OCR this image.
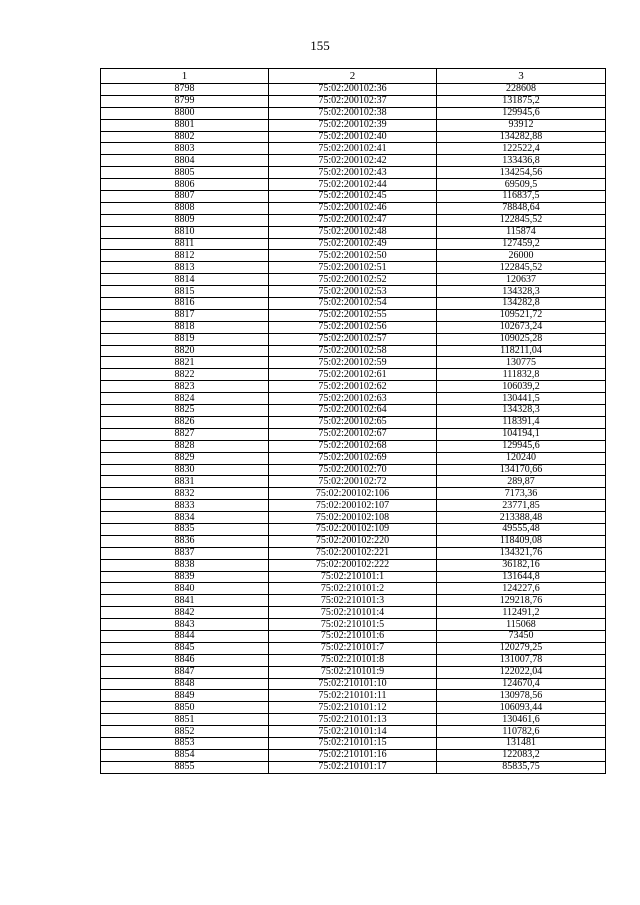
155
1	2	3
8798	75:02:200102:36	228608
8799	75:02:200102:37	131875,2
8800	75:02:200102:38	129945,6
8801	75:02:200102:39	93912
8802	75:02:200102:40	134282,88
8803	75:02:200102:41	122522,4
8804	75:02:200102:42	133436,8
8805	75:02:200102:43	134254,56
8806	75:02:200102:44	69509,5
8807	75:02:200102:45	116837,5
8808	75:02:200102:46	78848,64
8809	75:02:200102:47	122845,52
8810	75:02:200102:48	115874
8811	75:02:200102:49	127459,2
8812	75:02:200102:50	26000
8813	75:02:200102:51	122845,52
8814	75:02:200102:52	120637
8815	75:02:200102:53	134328,3
8816	75:02:200102:54	134282,8
8817	75:02:200102:55	109521,72
8818	75:02:200102:56	102673,24
8819	75:02:200102:57	109025,28
8820	75:02:200102:58	118211,04
8821	75:02:200102:59	130775
8822	75:02:200102:61	111832,8
8823	75:02:200102:62	106039,2
8824	75:02:200102:63	130441,5
8825	75:02:200102:64	134328,3
8826	75:02:200102:65	118391,4
8827	75:02:200102:67	104194,1
8828	75:02:200102:68	129945,6
8829	75:02:200102:69	120240
8830	75:02:200102:70	134170,66
8831	75:02:200102:72	289,87
8832	75:02:200102:106	7173,36
8833	75:02:200102:107	23771,85
8834	75:02:200102:108	213388,48
8835	75:02:200102:109	49555,48
8836	75:02:200102:220	118409,08
8837	75:02:200102:221	134321,76
8838	75:02:200102:222	36182,16
8839	75:02:210101:1	131644,8
8840	75:02:210101:2	124227,6
8841	75:02:210101:3	129218,76
8842	75:02:210101:4	112491,2
8843	75:02:210101:5	115068
8844	75:02:210101:6	73450
8845	75:02:210101:7	120279,25
8846	75:02:210101:8	131007,78
8847	75:02:210101:9	122022,04
8848	75:02:210101:10	124670,4
8849	75:02:210101:11	130978,56
8850	75:02:210101:12	106093,44
8851	75:02:210101:13	130461,6
8852	75:02:210101:14	110782,6
8853	75:02:210101:15	131481
8854	75:02:210101:16	122083,2
8855	75:02:210101:17	85835,75
